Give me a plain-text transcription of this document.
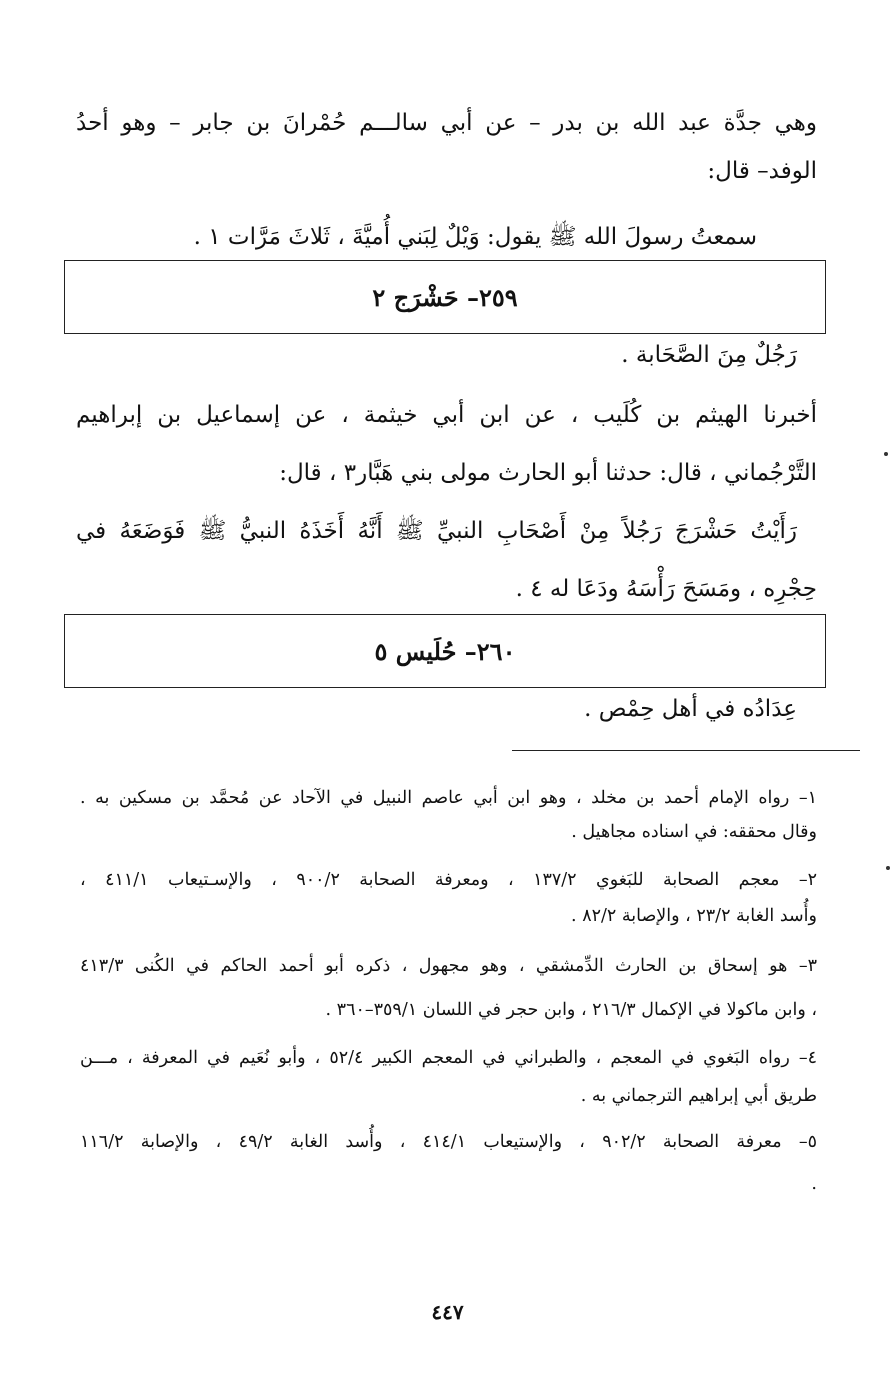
وهي جدَّة عبد الله بن بدر – عن أبي سالـــم حُمْرانَ بن جابر – وهو أحدُ
الوفد– قال:
سمعتُ رسولَ الله ﷺ يقول: وَيْلٌ لِبَني أُميَّةَ ، ثَلاثَ مَرَّات ١ .
٢٥٩– حَشْرَج ٢
رَجُلٌ مِنَ الصَّحَابة .
أخبرنا الهيثم بن كُلَيب ، عن ابن أبي خيثمة ، عن إسماعيل بن إبراهيم
التَّرْجُماني ، قال: حدثنا أبو الحارث مولى بني هَبَّار٣ ، قال:
رَأَيْتُ حَشْرَجَ رَجُلاً مِنْ أَصْحَابِ النبيِّ ﷺ أَنَّهُ أَخَذَهُ النبيُّ ﷺ فَوَضَعَهُ في
حِجْرِه ، ومَسَحَ رَأْسَهُ ودَعَا له ٤ .
٢٦٠– حُلَيس ٥
عِدَادُه في أهل حِمْص .
١– رواه الإمام أحمد بن مخلد ، وهو ابن أبي عاصم النبيل في الآحاد عن مُحمَّد بن مسكين به .
وقال محققه: في اسناده مجاهيل .
٢– معجم الصحابة للبَغوي ١٣٧/٢ ، ومعرفة الصحابة ٩٠٠/٢ ، والإسـتيعاب ٤١١/١ ،
وأُسد الغابة ٢٣/٢ ، والإصابة ٨٢/٢ .
٣– هو إسحاق بن الحارث الدِّمشقي ، وهو مجهول ، ذكره أبو أحمد الحاكم في الكُنى ٤١٣/٣
، وابن ماكولا في الإكمال ٢١٦/٣ ، وابن حجر في اللسان ٣٥٩/١–٣٦٠ .
٤– رواه البَغوي في المعجم ، والطبراني في المعجم الكبير ٥٢/٤ ، وأبو نُعَيم في المعرفة ، مـــن
طريق أبي إبراهيم الترجماني به .
٥– معرفة الصحابة ٩٠٢/٢ ، والإستيعاب ٤١٤/١ ، وأُسد الغابة ٤٩/٢ ، والإصابة ١١٦/٢
.
٤٤٧
